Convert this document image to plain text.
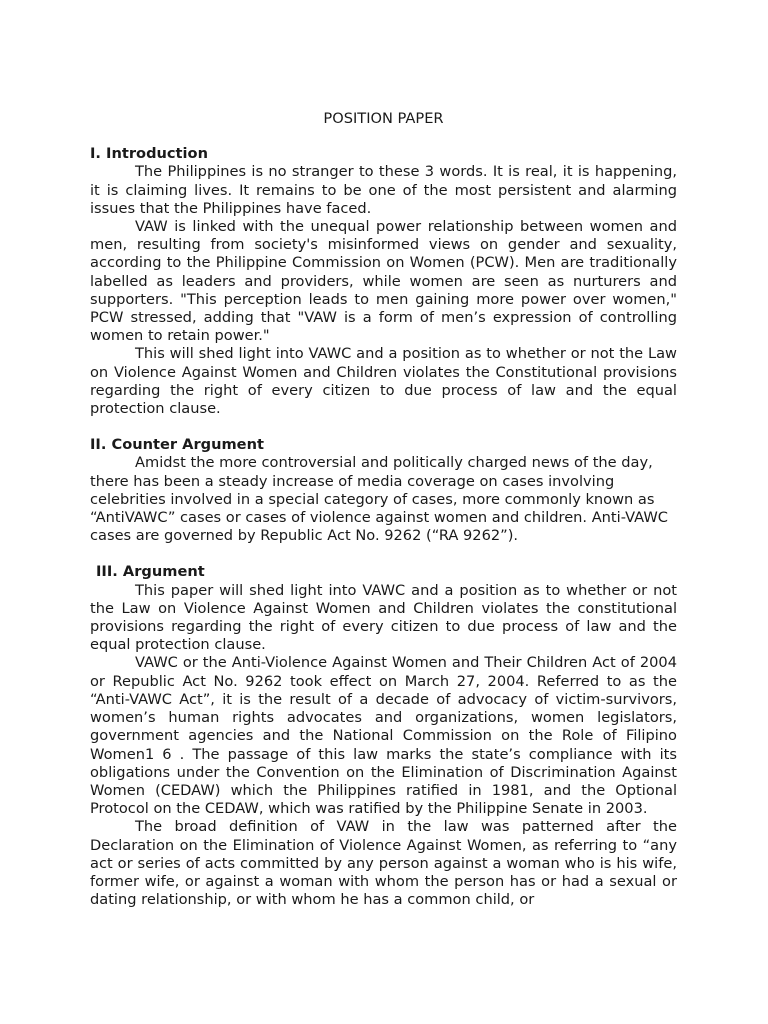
POSITION PAPER
I. Introduction

The Philippines is no stranger to these 3 words. It is real, it is happening, it is claiming lives. It remains to be one of the most persistent and alarming issues that the Philippines have faced.

VAW is linked with the unequal power relationship between women and men, resulting from society's misinformed views on gender and sexuality, according to the Philippine Commission on Women (PCW). Men are traditionally labelled as leaders and providers, while women are seen as nurturers and supporters. "This perception leads to men gaining more power over women," PCW stressed, adding that "VAW is a form of men’s expression of controlling women to retain power."

This will shed light into VAWC and a position as to whether or not the Law on Violence Against Women and Children violates the Constitutional provisions regarding the right of every citizen to due process of law and the equal protection clause.

II. Counter Argument

Amidst the more controversial and politically charged news of the day, there has been a steady increase of media coverage on cases involving celebrities involved in a special category of cases, more commonly known as “AntiVAWC” cases or cases of violence against women and children. Anti-VAWC cases are governed by Republic Act No. 9262 (“RA 9262”).

III. Argument

This paper will shed light into VAWC and a position as to whether or not the Law on Violence Against Women and Children violates the constitutional provisions regarding the right of every citizen to due process of law and the equal protection clause.

VAWC or the Anti-Violence Against Women and Their Children Act of 2004 or Republic Act No. 9262 took effect on March 27, 2004. Referred to as the “Anti-VAWC Act”, it is the result of a decade of advocacy of victim-survivors, women’s human rights advocates and organizations, women legislators, government agencies and the National Commission on the Role of Filipino Women1 6 . The passage of this law marks the state’s compliance with its obligations under the Convention on the Elimination of Discrimination Against Women (CEDAW) which the Philippines ratified in 1981, and the Optional Protocol on the CEDAW, which was ratified by the Philippine Senate in 2003.

The broad definition of VAW in the law was patterned after the Declaration on the Elimination of Violence Against Women, as referring to “any act or series of acts committed by any person against a woman who is his wife, former wife, or against a woman with whom the person has or had a sexual or dating relationship, or with whom he has a common child, or
